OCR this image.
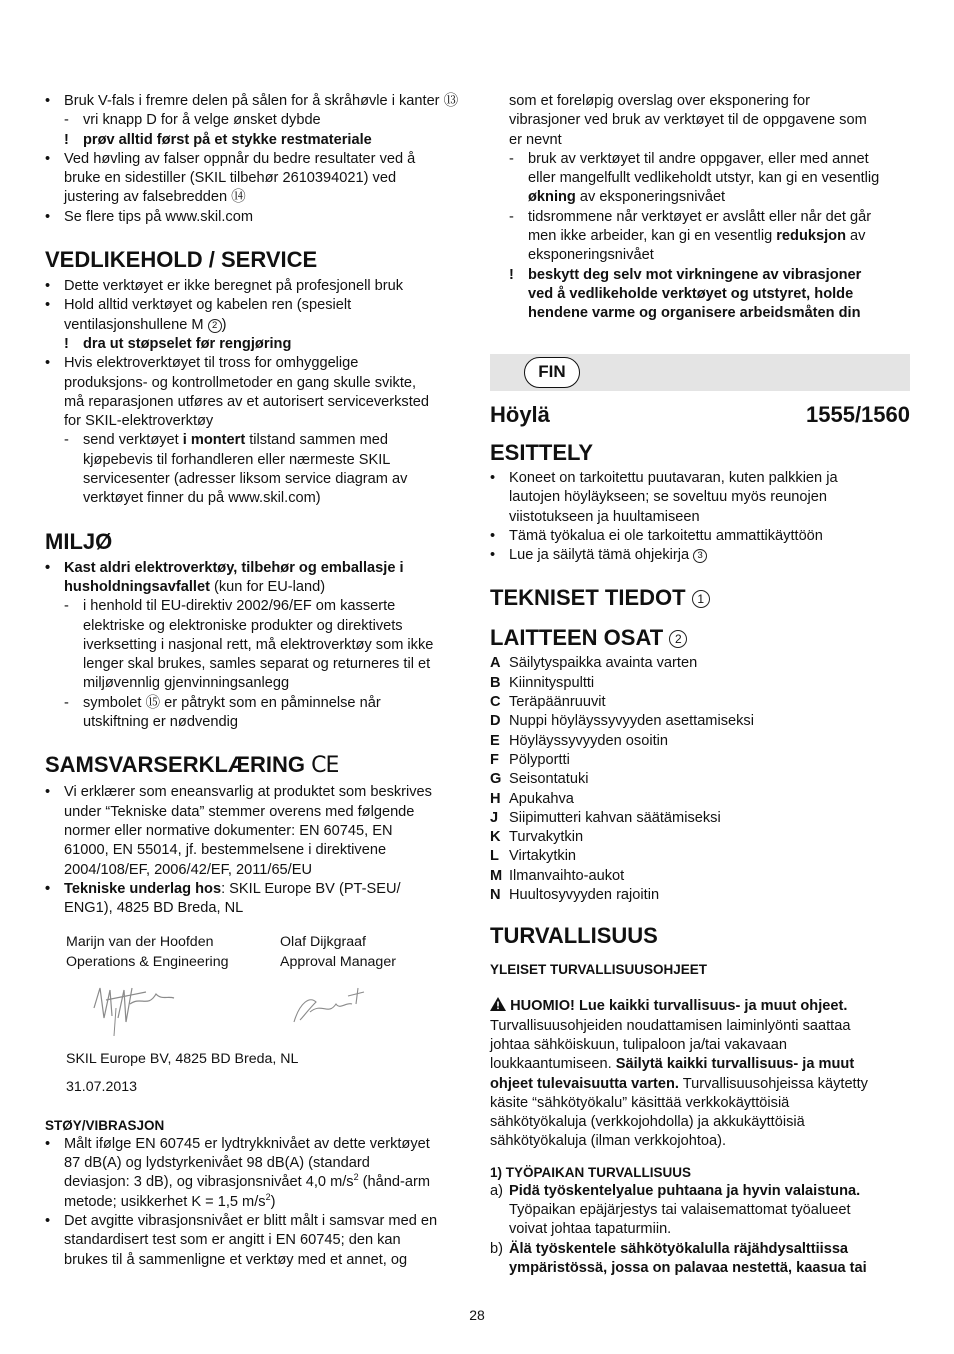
• Bruk V-fals i fremre delen på sålen for å skråhøvle i kanter ⑬
- vri knapp D for å velge ønsket dybde
! prøv alltid først på et stykke restmateriale
• Ved høvling av falser oppnår du bedre resultater ved å
bruke en sidestiller (SKIL tilbehør 2610394021) ved
justering av falsebredden ⑭
• Se flere tips på www.skil.com
VEDLIKEHOLD / SERVICE
• Dette verktøyet er ikke beregnet på profesjonell bruk
• Hold alltid verktøyet og kabelen ren (spesielt
ventilasjonshullene M 2 )
! dra ut støpselet før rengjøring
• Hvis elektroverktøyet til tross for omhyggelige
produksjons- og kontrollmetoder en gang skulle svikte,
må reparasjonen utføres av et autorisert serviceverksted
for SKIL-elektroverktøy
- send verktøyet i montert tilstand sammen med
kjøpebevis til forhandleren eller nærmeste SKIL
servicesenter (adresser liksom service diagram av
verktøyet finner du på www.skil.com)
MILJØ
• Kast aldri elektroverktøy, tilbehør og emballasje i
husholdningsavfallet (kun for EU-land)
- i henhold til EU-direktiv 2002/96/EF om kasserte
elektriske og elektroniske produkter og direktivets
iverksetting i nasjonal rett, må elektroverktøy som ikke
lenger skal brukes, samles separat og returneres til et
miljøvennlig gjenvinningsanlegg
- symbolet ⑮ er påtrykt som en påminnelse når
utskiftning er nødvendig
SAMSVARSERKLÆRING CE
• Vi erklærer som eneansvarlig at produktet som beskrives
under “Tekniske data” stemmer overens med følgende
normer eller normative dokumenter: EN 60745, EN
61000, EN 55014, jf. bestemmelsene i direktivene
2004/108/EF, 2006/42/EF, 2011/65/EU
• Tekniske underlag hos: SKIL Europe BV (PT-SEU/
ENG1), 4825 BD Breda, NL
Marijn van der Hoofden
Operations & Engineering
Olaf Dijkgraaf
Approval Manager
SKIL Europe BV, 4825 BD Breda, NL
31.07.2013
STØY/VIBRASJON
• Målt ifølge EN 60745 er lydtrykknivået av dette verktøyet
87 dB(A) og lydstyrkenivået 98 dB(A) (standard
deviasjon: 3 dB), og vibrasjonsnivået 4,0 $m/s^2$ (hånd-arm
metode; usikkerhet K = 1,5 $m/s^2$)
• Det avgitte vibrasjonsnivået er blitt målt i samsvar med en
standardisert test som er angitt i EN 60745; den kan
brukes til å sammenligne et verktøy med et annet, og
som et foreløpig overslag over eksponering for
vibrasjoner ved bruk av verktøyet til de oppgavene som
er nevnt
- bruk av verktøyet til andre oppgaver, eller med annet
eller mangelfullt vedlikeholdt utstyr, kan gi en vesentlig
økning av eksponeringsnivået
- tidsrommene når verktøyet er avslått eller når det går
men ikke arbeider, kan gi en vesentlig reduksjon av
eksponeringsnivået
! beskytt deg selv mot virkningene av vibrasjoner
ved å vedlikeholde verktøyet og utstyret, holde
hendene varme og organisere arbeidsmåten din
FIN
Höylä	1555/1560
ESITTELY
• Koneet on tarkoitettu puutavaran, kuten palkkien ja
lautojen höyläykseen; se soveltuu myös reunojen
viistotukseen ja huultamiseen
• Tämä työkalua ei ole tarkoitettu ammattikäyttöön
• Lue ja säilytä tämä ohjekirja 3
TEKNISET TIEDOT 1
LAITTEEN OSAT 2
A Säilytyspaikka avainta varten
B Kiinnityspultti
C Teräpäänruuvit
D Nuppi höyläyssyvyyden asettamiseksi
E Höyläyssyvyyden osoitin
F Pölyportti
G Seisontatuki
H Apukahva
J Siipimutteri kahvan säätämiseksi
K Turvakytkin
L Virtakytkin
M Ilmanvaihto-aukot
N Huultosyvyyden rajoitin
TURVALLISUUS
YLEISET TURVALLISUUSOHJEET
HUOMIO! Lue kaikki turvallisuus- ja muut ohjeet.
Turvallisuusohjeiden noudattamisen laiminlyönti saattaa
johtaa sähköiskuun, tulipaloon ja/tai vakavaan
loukkaantumiseen. Säilytä kaikki turvallisuus- ja muut
ohjeet tulevaisuutta varten. Turvallisuusohjeissa käytetty
käsite “sähkötyökalu” käsittää verkkokäyttöisiä
sähkötyökaluja (verkkojohdolla) ja akkukäyttöisiä
sähkötyökaluja (ilman verkkojohtoa).
1) TYÖPAIKAN TURVALLISUUS
a) Pidä työskentelyalue puhtaana ja hyvin valaistuna.
Työpaikan epäjärjestys tai valaisemattomat työalueet
voivat johtaa tapaturmiin.
b) Älä työskentele sähkötyökalulla räjähdysalttiissa
ympäristössä, jossa on palavaa nestettä, kaasua tai
28
